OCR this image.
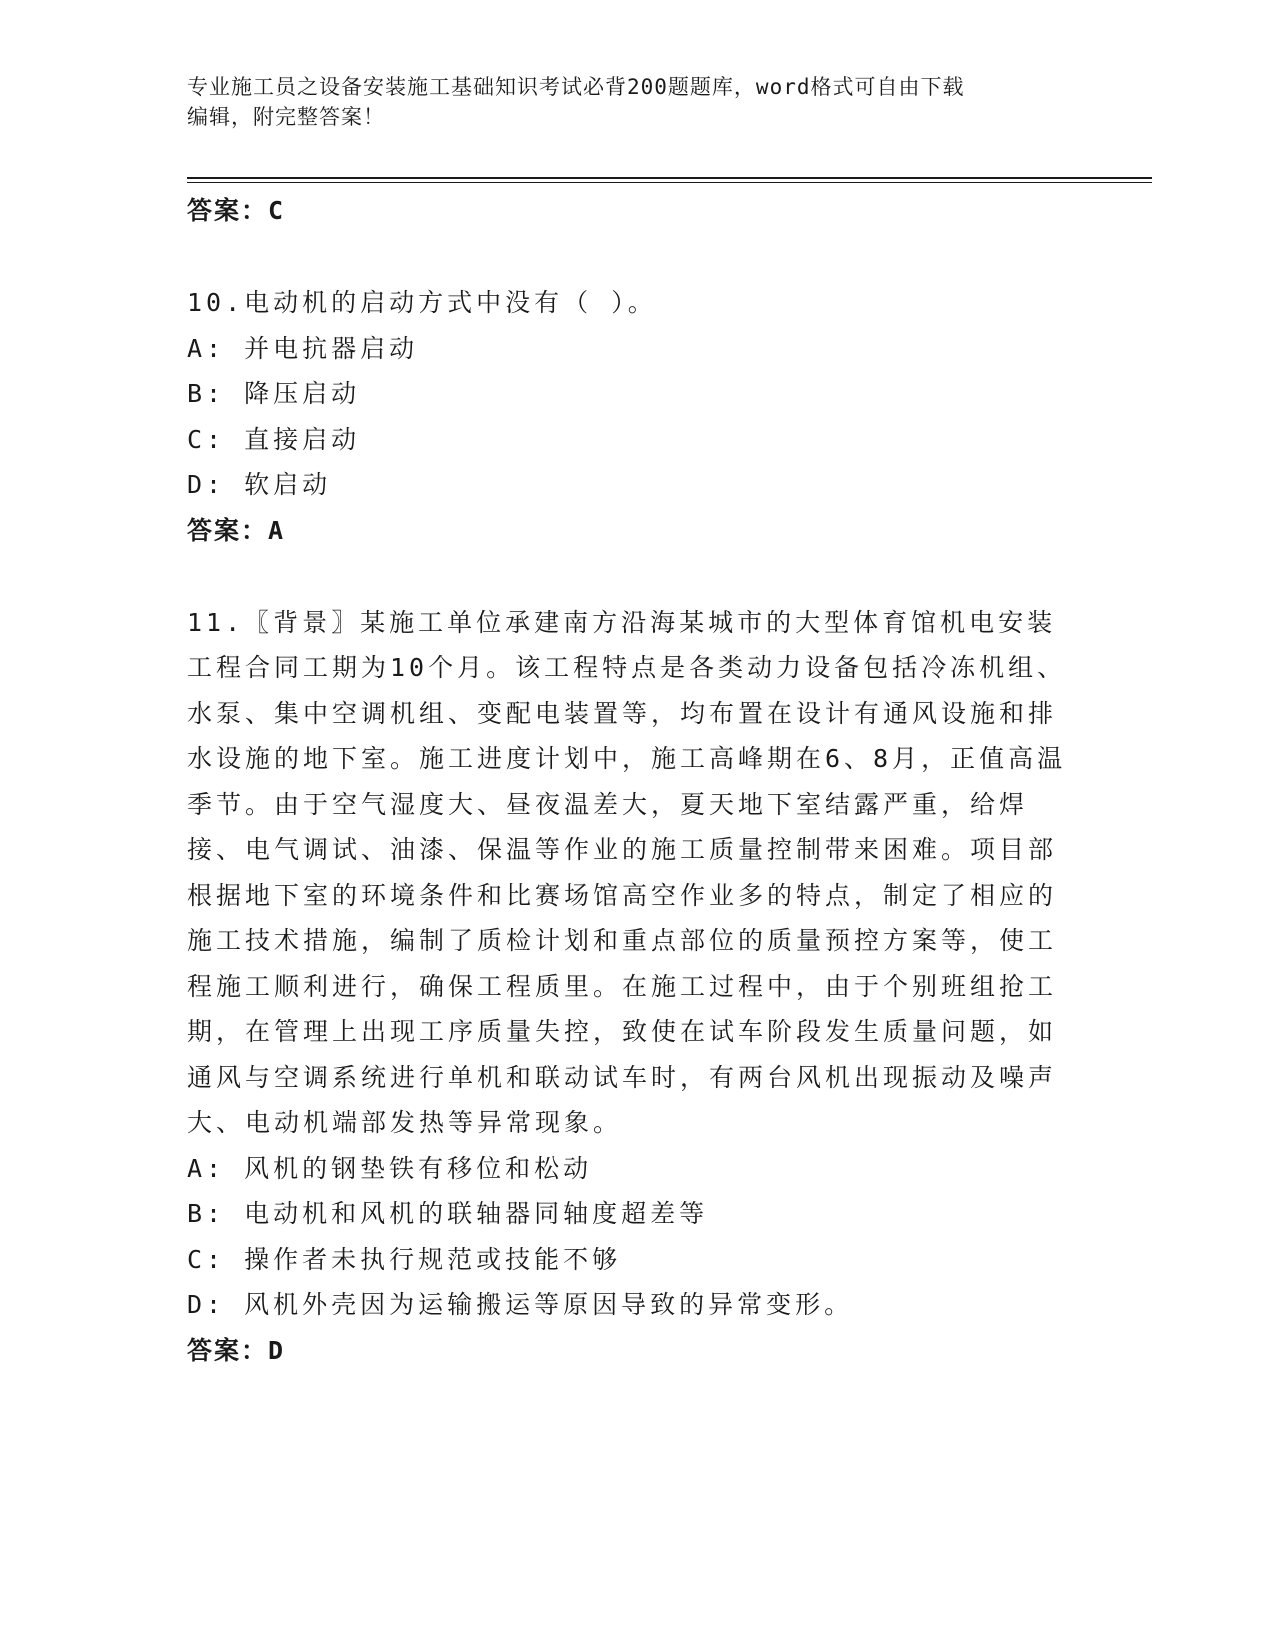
专业施工员之设备安装施工基础知识考试必背200题题库，word格式可自由下载
编辑，附完整答案！
答案：C
10.电动机的启动方式中没有（ ）。
A: 并电抗器启动
B: 降压启动
C: 直接启动
D: 软启动
答案：A
11.〖背景〗某施工单位承建南方沿海某城市的大型体育馆机电安装工程合同工期为10个月。该工程特点是各类动力设备包括冷冻机组、水泵、集中空调机组、变配电装置等，均布置在设计有通风设施和排水设施的地下室。施工进度计划中，施工高峰期在6、8月，正值高温季节。由于空气湿度大、昼夜温差大，夏天地下室结露严重，给焊接、电气调试、油漆、保温等作业的施工质量控制带来困难。项目部根据地下室的环境条件和比赛场馆高空作业多的特点，制定了相应的施工技术措施，编制了质检计划和重点部位的质量预控方案等，使工程施工顺利进行，确保工程质里。在施工过程中，由于个别班组抢工期，在管理上出现工序质量失控，致使在试车阶段发生质量问题，如通风与空调系统进行单机和联动试车时，有两台风机出现振动及噪声大、电动机端部发热等异常现象。
A: 风机的钢垫铁有移位和松动
B: 电动机和风机的联轴器同轴度超差等
C: 操作者未执行规范或技能不够
D: 风机外壳因为运输搬运等原因导致的异常变形。
答案：D
